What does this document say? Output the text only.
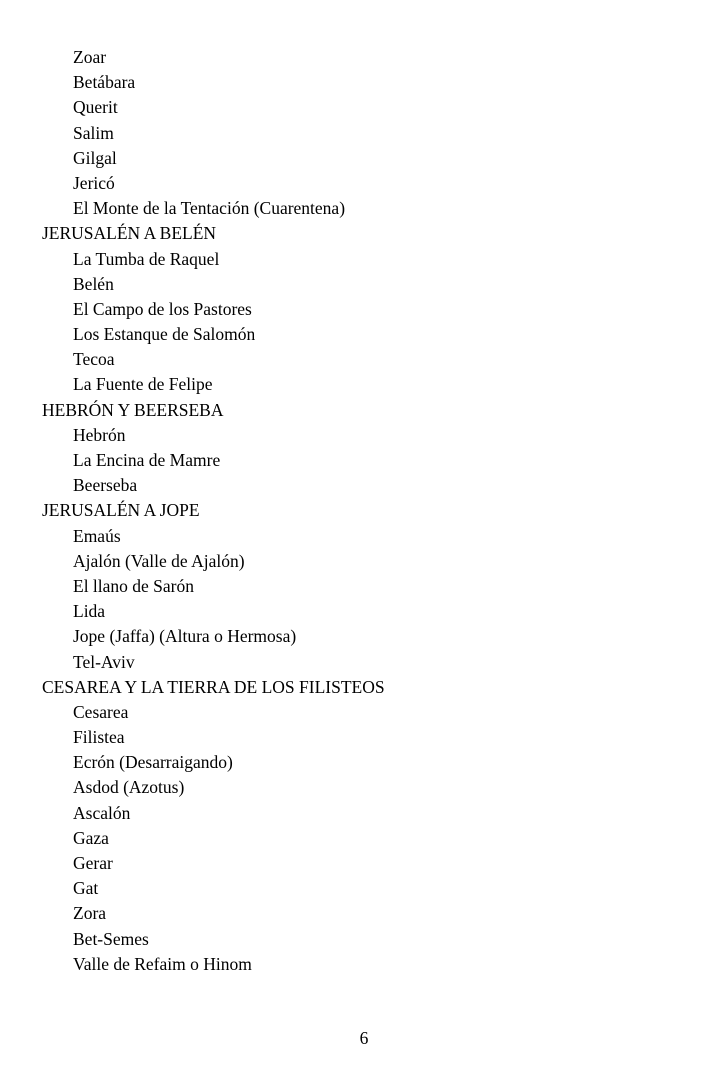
Zoar
Betábara
Querit
Salim
Gilgal
Jericó
El Monte de la Tentación (Cuarentena)
JERUSALÉN A BELÉN
La Tumba de Raquel
Belén
El Campo de los Pastores
Los Estanque de Salomón
Tecoa
La Fuente de Felipe
HEBRÓN Y BEERSEBA
Hebrón
La Encina de Mamre
Beerseba
JERUSALÉN A JOPE
Emaús
Ajalón (Valle de Ajalón)
El llano de Sarón
Lida
Jope (Jaffa) (Altura o Hermosa)
Tel-Aviv
CESAREA Y LA TIERRA DE LOS FILISTEOS
Cesarea
Filistea
Ecrón (Desarraigando)
Asdod (Azotus)
Ascalón
Gaza
Gerar
Gat
Zora
Bet-Semes
Valle de Refaim o Hinom
6
